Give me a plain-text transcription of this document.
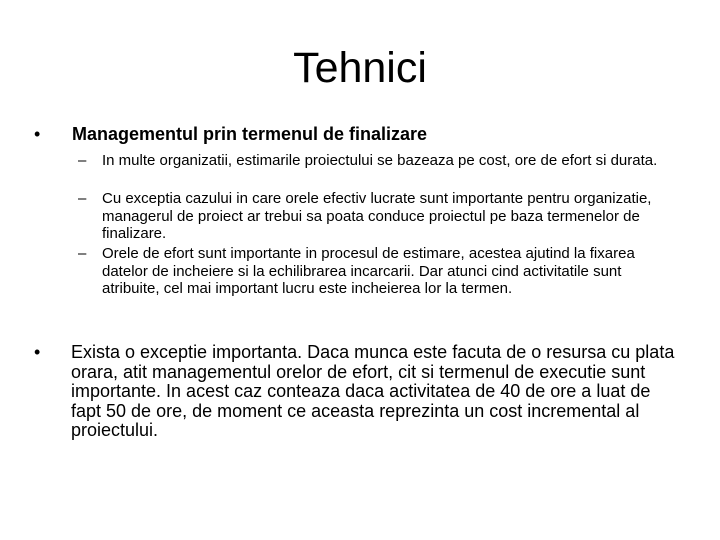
Tehnici
• Managementul prin termenul de finalizare
– In multe organizatii, estimarile proiectului se bazeaza pe cost, ore de efort si durata.
– Cu exceptia cazului in care orele efectiv lucrate sunt importante pentru organizatie, managerul de proiect ar trebui sa poata conduce proiectul pe baza termenelor de finalizare.
– Orele de efort sunt importante in procesul de estimare, acestea ajutind la fixarea datelor de incheiere si la echilibrarea incarcarii. Dar atunci cind activitatile sunt atribuite, cel mai important lucru este incheierea lor la termen.
• Exista o exceptie importanta. Daca munca este facuta de o resursa cu plata orara, atit managementul orelor de efort, cit si termenul de executie sunt importante. In acest caz conteaza daca activitatea de 40 de ore a luat de fapt 50 de ore, de moment ce aceasta reprezinta un cost incremental al proiectului.
